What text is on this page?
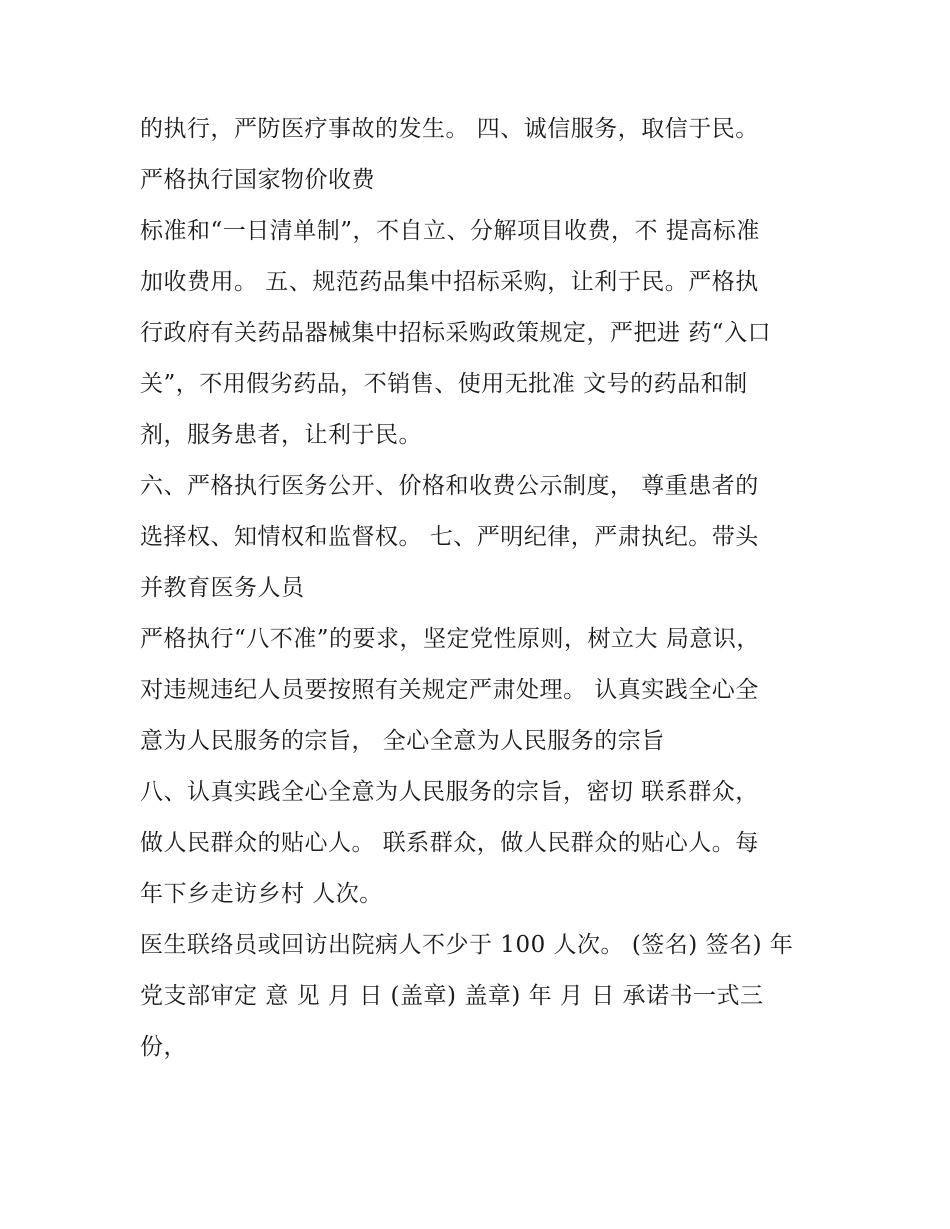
的执行，严防医疗事故的发生。 四、诚信服务，取信于民。
严格执行国家物价收费
标准和“一日清单制”，不自立、分解项目收费，不 提高标准
加收费用。 五、规范药品集中招标采购，让利于民。严格执
行政府有关药品器械集中招标采购政策规定，严把进 药“入口
关”，不用假劣药品，不销售、使用无批准 文号的药品和制
剂，服务患者，让利于民。
六、严格执行医务公开、价格和收费公示制度， 尊重患者的
选择权、知情权和监督权。 七、严明纪律，严肃执纪。带头
并教育医务人员
严格执行“八不准”的要求，坚定党性原则，树立大 局意识，
对违规违纪人员要按照有关规定严肃处理。 认真实践全心全
意为人民服务的宗旨， 全心全意为人民服务的宗旨
八、认真实践全心全意为人民服务的宗旨，密切 联系群众，
做人民群众的贴心人。 联系群众，做人民群众的贴心人。每
年下乡走访乡村 人次。
医生联络员或回访出院病人不少于 100 人次。 (签名) 签名) 年
党支部审定 意 见 月 日 (盖章) 盖章) 年 月 日 承诺书一式三
份，
